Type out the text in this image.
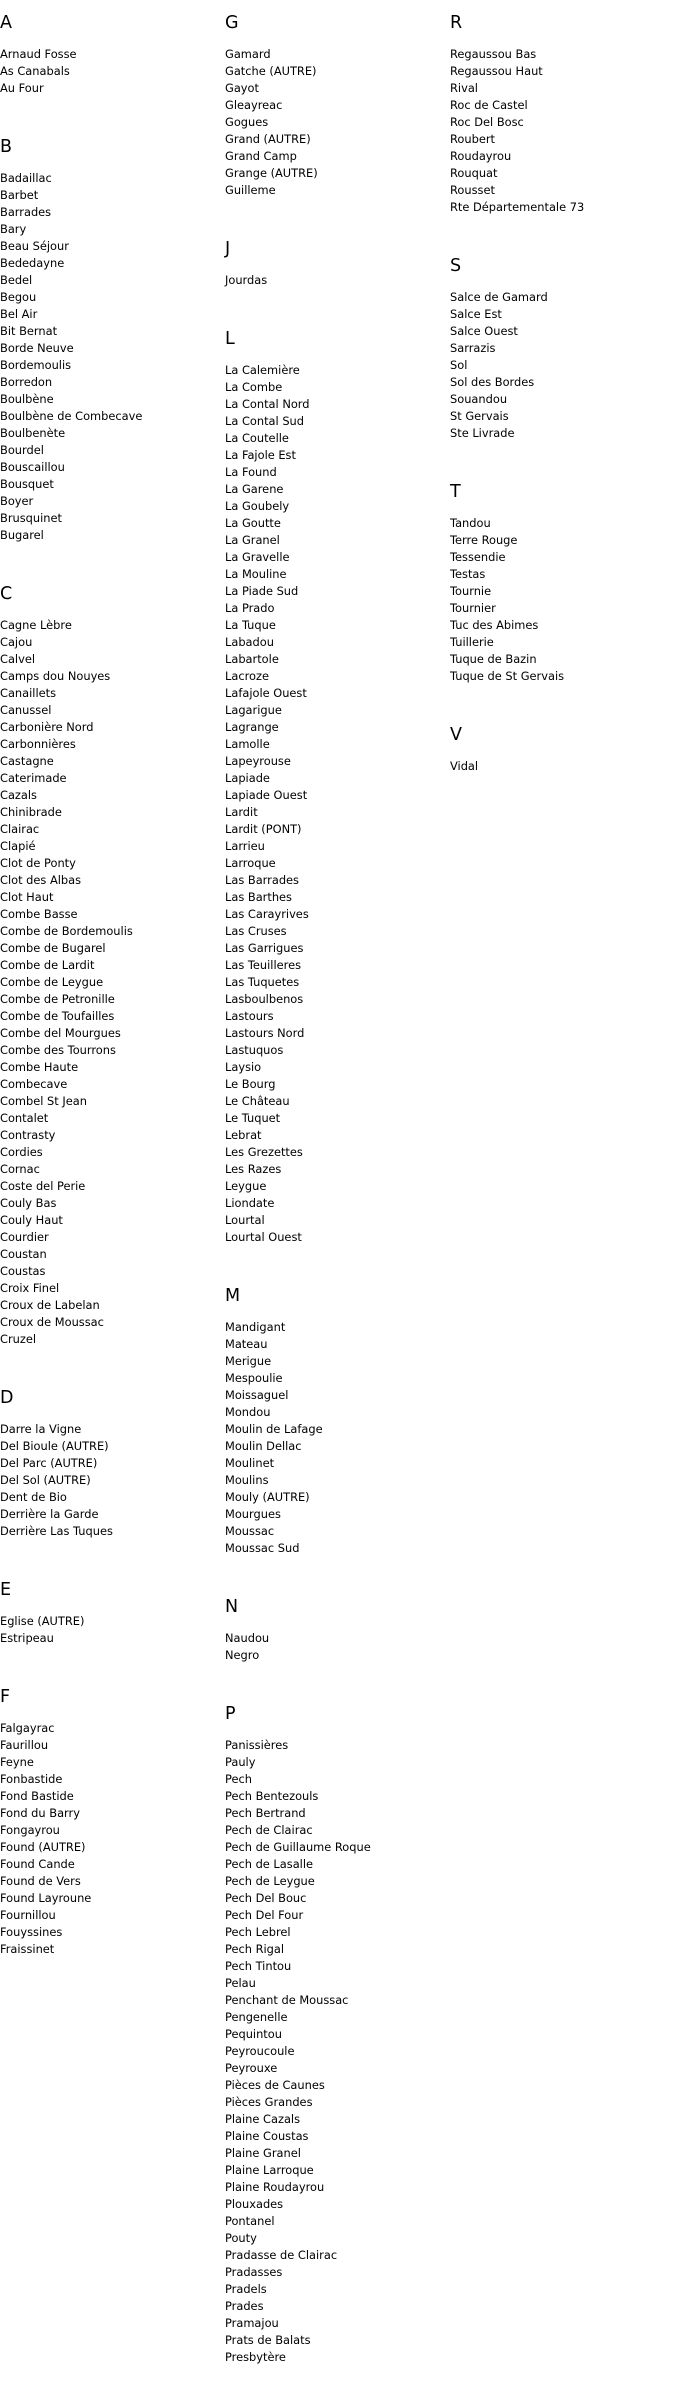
A
Arnaud Fosse
As Canabals
Au Four
B
Badaillac
Barbet
Barrades
Bary
Beau Séjour
Bededayne
Bedel
Begou
Bel Air
Bit Bernat
Borde Neuve
Bordemoulis
Borredon
Boulbène
Boulbène de Combecave
Boulbenète
Bourdel
Bouscaillou
Bousquet
Boyer
Brusquinet
Bugarel
C
Cagne Lèbre
Cajou
Calvel
Camps dou Nouyes
Canaillets
Canussel
Carbonière Nord
Carbonnières
Castagne
Caterimade
Cazals
Chinibrade
Clairac
Clapié
Clot de Ponty
Clot des Albas
Clot Haut
Combe Basse
Combe de Bordemoulis
Combe de Bugarel
Combe de Lardit
Combe de Leygue
Combe de Petronille
Combe de Toufailles
Combe del Mourgues
Combe des Tourrons
Combe Haute
Combecave
Combel St Jean
Contalet
Contrasty
Cordies
Cornac
Coste del Perie
Couly Bas
Couly Haut
Courdier
Coustan
Coustas
Croix Finel
Croux de Labelan
Croux de Moussac
Cruzel
D
Darre la Vigne
Del Bioule (AUTRE)
Del Parc (AUTRE)
Del Sol (AUTRE)
Dent de Bio
Derrière la Garde
Derrière Las Tuques
E
Eglise (AUTRE)
Estripeau
F
Falgayrac
Faurillou
Feyne
Fonbastide
Fond Bastide
Fond du Barry
Fongayrou
Found (AUTRE)
Found Cande
Found de Vers
Found Layroune
Fournillou
Fouyssines
Fraissinet
G
Gamard
Gatche (AUTRE)
Gayot
Gleayreac
Gogues
Grand (AUTRE)
Grand Camp
Grange (AUTRE)
Guilleme
J
Jourdas
L
La Calemière
La Combe
La Contal Nord
La Contal Sud
La Coutelle
La Fajole Est
La Found
La Garene
La Goubely
La Goutte
La Granel
La Gravelle
La Mouline
La Piade Sud
La Prado
La Tuque
Labadou
Labartole
Lacroze
Lafajole Ouest
Lagarigue
Lagrange
Lamolle
Lapeyrouse
Lapiade
Lapiade Ouest
Lardit
Lardit (PONT)
Larrieu
Larroque
Las Barrades
Las Barthes
Las Carayrives
Las Cruses
Las Garrigues
Las Teuilleres
Las Tuquetes
Lasboulbenos
Lastours
Lastours Nord
Lastuquos
Laysio
Le Bourg
Le Château
Le Tuquet
Lebrat
Les Grezettes
Les Razes
Leygue
Liondate
Lourtal
Lourtal Ouest
M
Mandigant
Mateau
Merigue
Mespoulie
Moissaguel
Mondou
Moulin de Lafage
Moulin Dellac
Moulinet
Moulins
Mouly (AUTRE)
Mourgues
Moussac
Moussac Sud
N
Naudou
Negro
P
Panissières
Pauly
Pech
Pech Bentezouls
Pech Bertrand
Pech de Clairac
Pech de Guillaume Roque
Pech de Lasalle
Pech de Leygue
Pech Del Bouc
Pech Del Four
Pech Lebrel
Pech Rigal
Pech Tintou
Pelau
Penchant de Moussac
Pengenelle
Pequintou
Peyroucoule
Peyrouxe
Pièces de Caunes
Pièces Grandes
Plaine Cazals
Plaine Coustas
Plaine Granel
Plaine Larroque
Plaine Roudayrou
Plouxades
Pontanel
Pouty
Pradasse de Clairac
Pradasses
Pradels
Prades
Pramajou
Prats de Balats
Presbytère
R
Regaussou Bas
Regaussou Haut
Rival
Roc de Castel
Roc Del Bosc
Roubert
Roudayrou
Rouquat
Rousset
Rte Départementale 73
S
Salce de Gamard
Salce Est
Salce Ouest
Sarrazis
Sol
Sol des Bordes
Souandou
St Gervais
Ste Livrade
T
Tandou
Terre Rouge
Tessendie
Testas
Tournie
Tournier
Tuc des Abimes
Tuillerie
Tuque de Bazin
Tuque de St Gervais
V
Vidal
